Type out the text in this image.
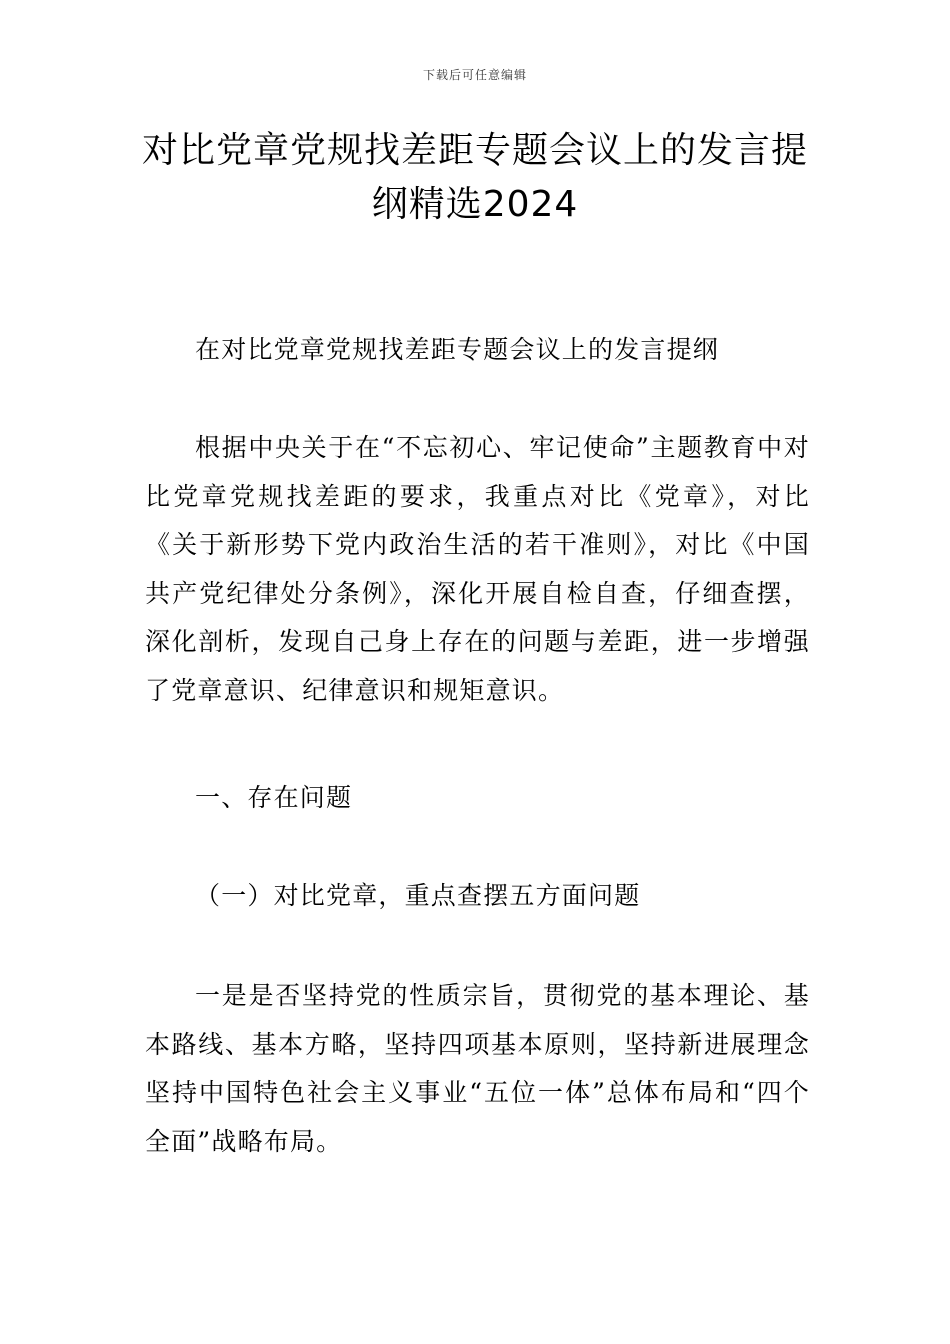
下载后可任意编辑
对比党章党规找差距专题会议上的发言提纲精选2024

在对比党章党规找差距专题会议上的发言提纲

根据中央关于在“不忘初心、牢记使命”主题教育中对比党章党规找差距的要求，我重点对比《党章》，对比《关于新形势下党内政治生活的若干准则》，对比《中国共产党纪律处分条例》，深化开展自检自查，仔细查摆，深化剖析，发现自己身上存在的问题与差距，进一步增强了党章意识、纪律意识和规矩意识。

一、存在问题

（一）对比党章，重点查摆五方面问题

一是是否坚持党的性质宗旨，贯彻党的基本理论、基本路线、基本方略，坚持四项基本原则，坚持新进展理念坚持中国特色社会主义事业“五位一体”总体布局和“四个全面”战略布局。
